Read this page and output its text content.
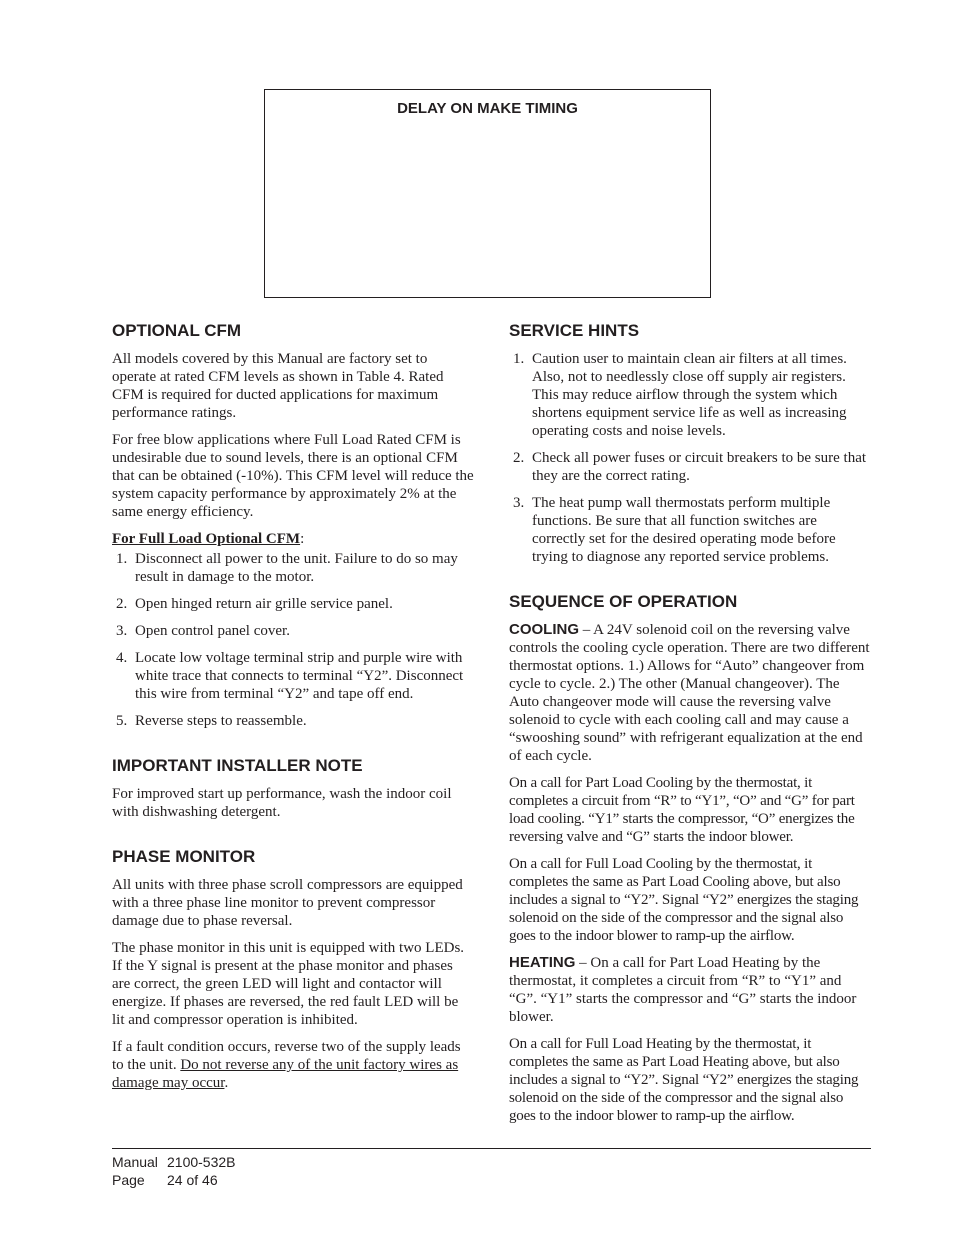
DELAY ON MAKE TIMING
OPTIONAL CFM

All models covered by this Manual are factory set to operate at rated CFM levels as shown in Table 4. Rated CFM is required for ducted applications for maximum performance ratings.

For free blow applications where Full Load Rated CFM is undesirable due to sound levels, there is an optional CFM that can be obtained (-10%). This CFM level will reduce the system capacity performance by approximately 2% at the same energy efficiency.

For Full Load Optional CFM:
1. Disconnect all power to the unit. Failure to do so may result in damage to the motor.
2. Open hinged return air grille service panel.
3. Open control panel cover.
4. Locate low voltage terminal strip and purple wire with white trace that connects to terminal “Y2”. Disconnect this wire from terminal “Y2” and tape off end.
5. Reverse steps to reassemble.
IMPORTANT INSTALLER NOTE

For improved start up performance, wash the indoor coil with dishwashing detergent.

PHASE MONITOR

All units with three phase scroll compressors are equipped with a three phase line monitor to prevent compressor damage due to phase reversal.

The phase monitor in this unit is equipped with two LEDs. If the Y signal is present at the phase monitor and phases are correct, the green LED will light and contactor will energize. If phases are reversed, the red fault LED will be lit and compressor operation is inhibited.

If a fault condition occurs, reverse two of the supply leads to the unit. Do not reverse any of the unit factory wires as damage may occur.

SERVICE HINTS
1. Caution user to maintain clean air filters at all times. Also, not to needlessly close off supply air registers. This may reduce airflow through the system which shortens equipment service life as well as increasing operating costs and noise levels.
2. Check all power fuses or circuit breakers to be sure that they are the correct rating.
3. The heat pump wall thermostats perform multiple functions. Be sure that all function switches are correctly set for the desired operating mode before trying to diagnose any reported service problems.
SEQUENCE OF OPERATION

COOLING – A 24V solenoid coil on the reversing valve controls the cooling cycle operation. There are two different thermostat options. 1.) Allows for “Auto” changeover from cycle to cycle. 2.) The other (Manual changeover). The Auto changeover mode will cause the reversing valve solenoid to cycle with each cooling call and may cause a “swooshing sound” with refrigerant equalization at the end of each cycle.

On a call for Part Load Cooling by the thermostat, it completes a circuit from “R” to “Y1”, “O” and “G” for part load cooling. “Y1” starts the compressor, “O” energizes the reversing valve and “G” starts the indoor blower.

On a call for Full Load Cooling by the thermostat, it completes the same as Part Load Cooling above, but also includes a signal to “Y2”. Signal “Y2” energizes the staging solenoid on the side of the compressor and the signal also goes to the indoor blower to ramp-up the airflow.

HEATING – On a call for Part Load Heating by the thermostat, it completes a circuit from “R” to “Y1” and “G”. “Y1” starts the compressor and “G” starts the indoor blower.

On a call for Full Load Heating by the thermostat, it completes the same as Part Load Heating above, but also includes a signal to “Y2”. Signal “Y2” energizes the staging solenoid on the side of the compressor and the signal also goes to the indoor blower to ramp-up the airflow.

Manual 2100-532B
Page 24 of 46
